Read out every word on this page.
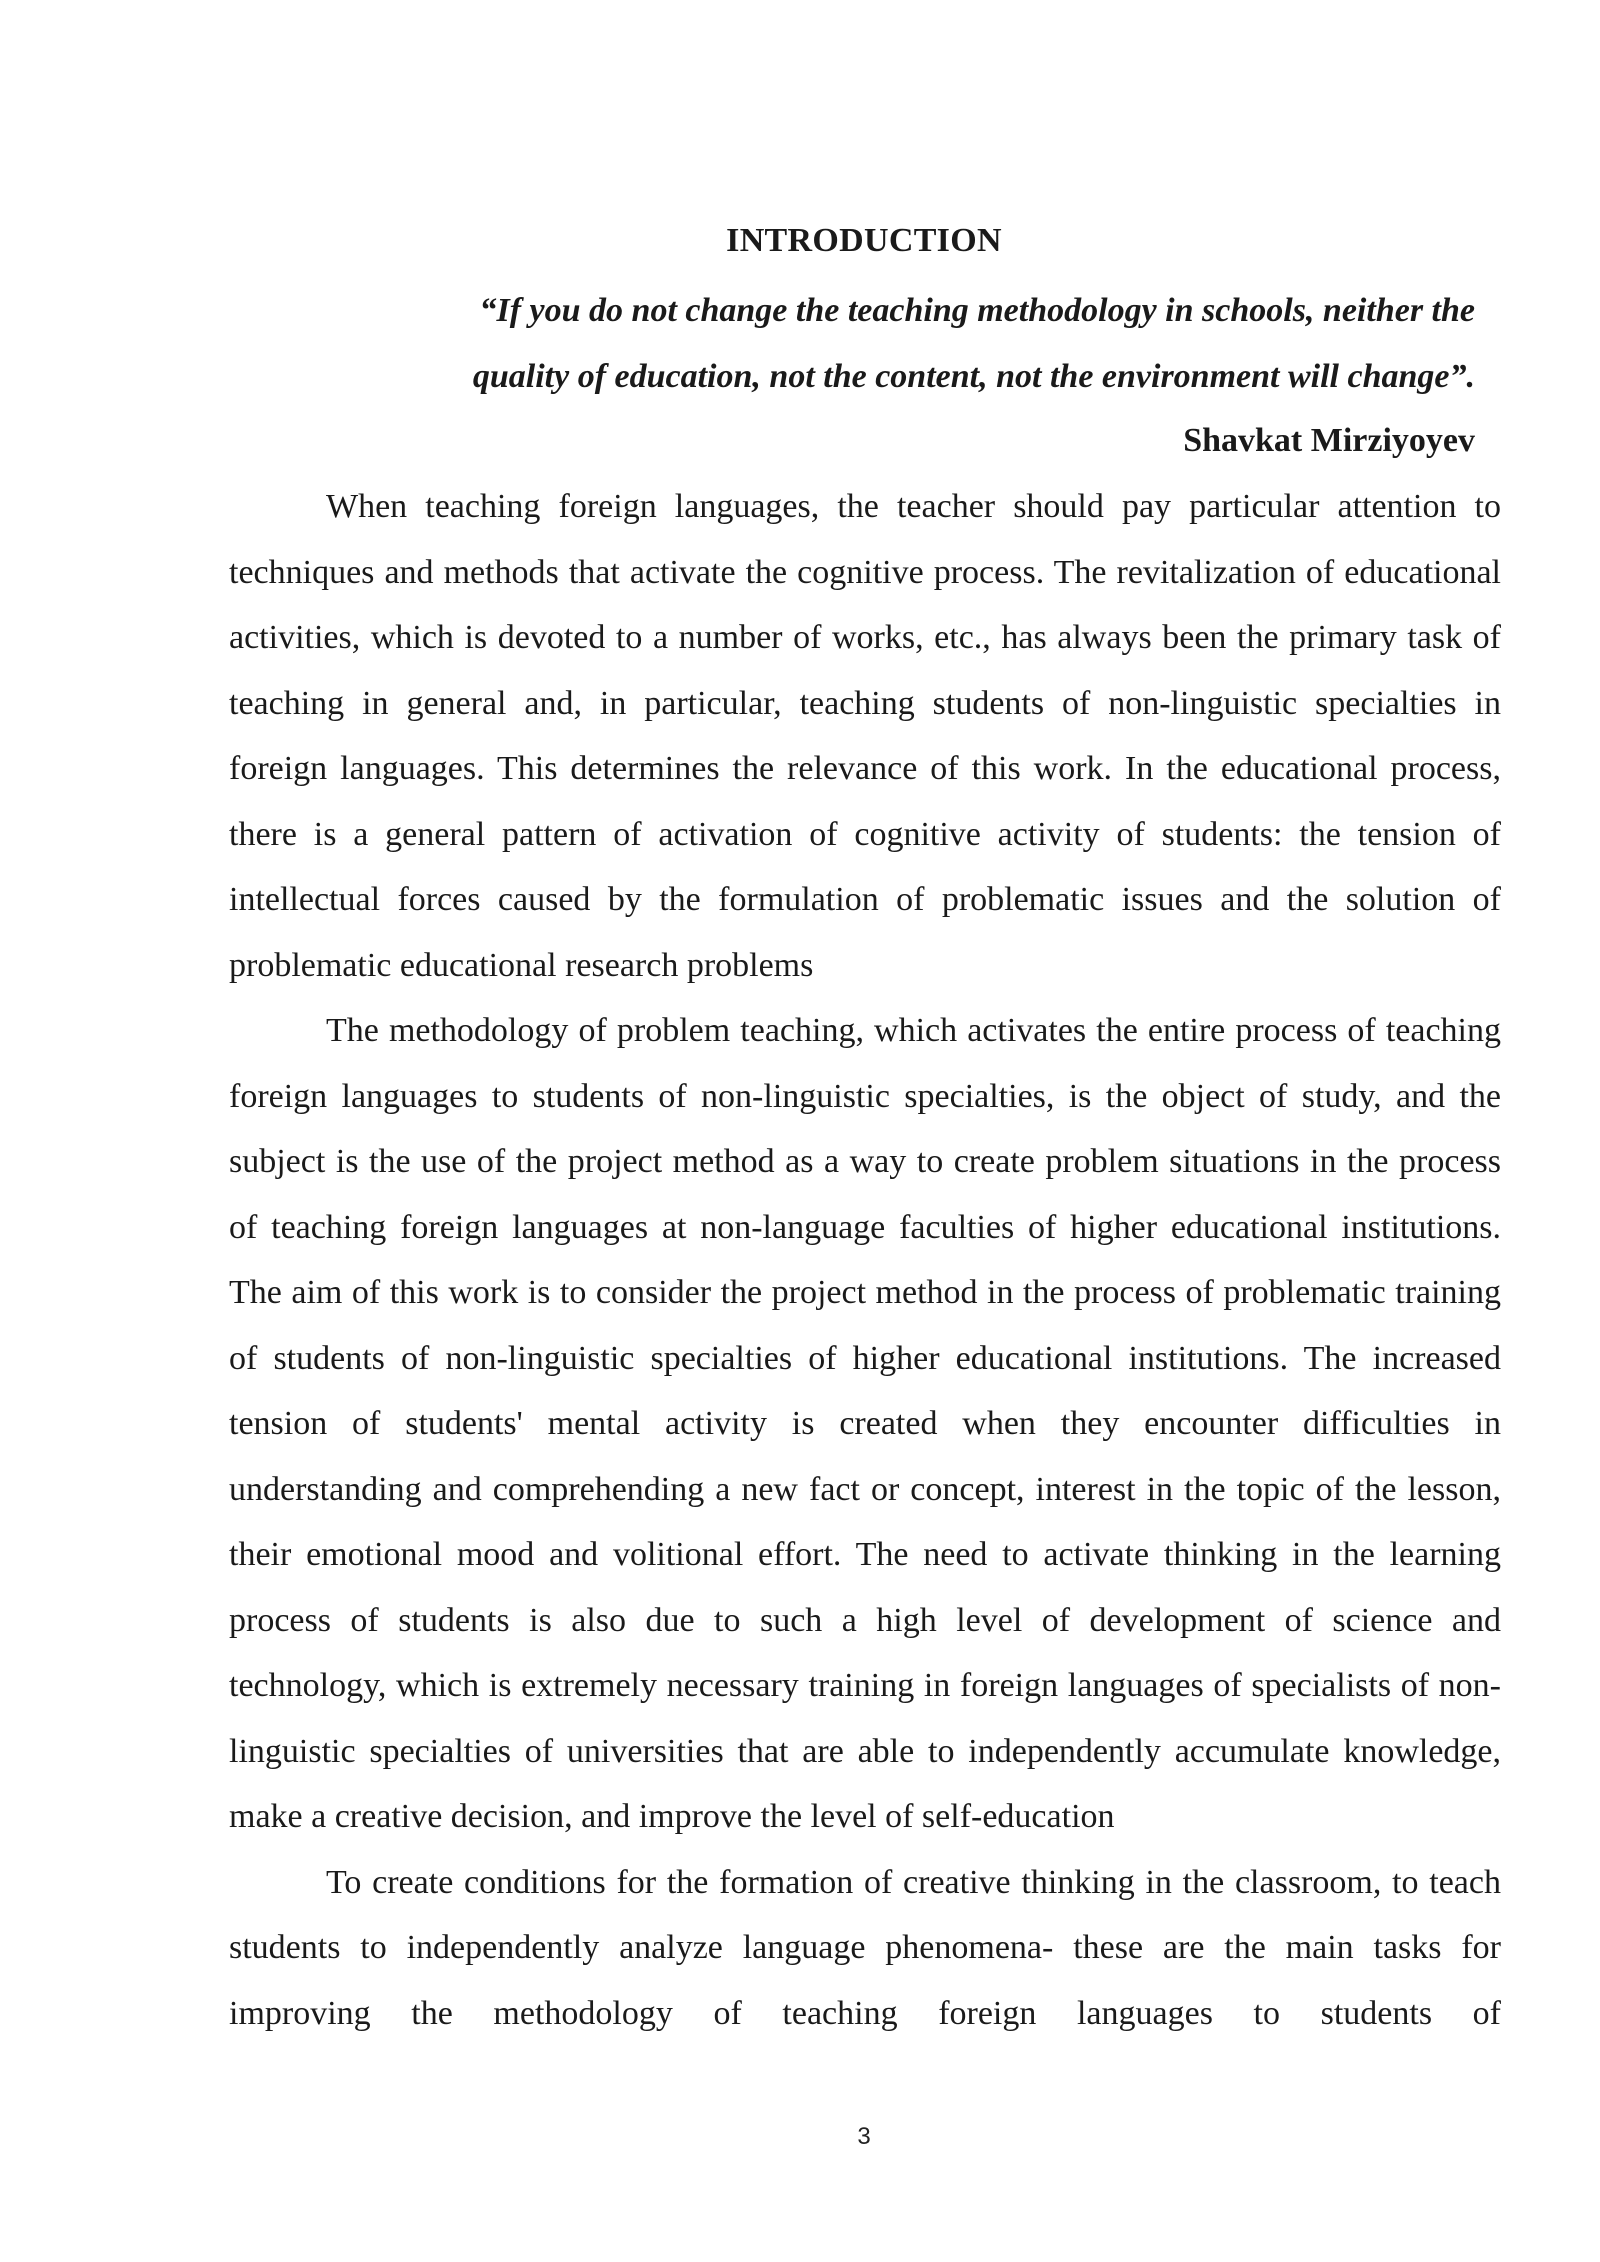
INTRODUCTION
“If you do not change the teaching methodology in schools, neither the
quality of education, not the content, not the environment will change”.
Shavkat Mirziyoyev

When teaching foreign languages, the teacher should pay particular attention to techniques and methods that activate the cognitive process. The revitalization of educational activities, which is devoted to a number of works, etc., has always been the primary task of teaching in general and, in particular, teaching students of non-linguistic specialties in foreign languages. This determines the relevance of this work. In the educational process, there is a general pattern of activation of cognitive activity of students: the tension of intellectual forces caused by the formulation of problematic issues and the solution of problematic educational research problems

The methodology of problem teaching, which activates the entire process of teaching foreign languages to students of non-linguistic specialties, is the object of study, and the subject is the use of the project method as a way to create problem situations in the process of teaching foreign languages at non-language faculties of higher educational institutions. The aim of this work is to consider the project method in the process of problematic training of students of non-linguistic specialties of higher educational institutions. The increased tension of students' mental activity is created when they encounter difficulties in understanding and comprehending a new fact or concept, interest in the topic of the lesson, their emotional mood and volitional effort. The need to activate thinking in the learning process of students is also due to such a high level of development of science and technology, which is extremely necessary training in foreign languages of specialists of non-linguistic specialties of universities that are able to independently accumulate knowledge, make a creative decision, and improve the level of self-education

To create conditions for the formation of creative thinking in the classroom, to teach students to independently analyze language phenomena- these are the main tasks for improving the methodology of teaching foreign languages to students of

3
